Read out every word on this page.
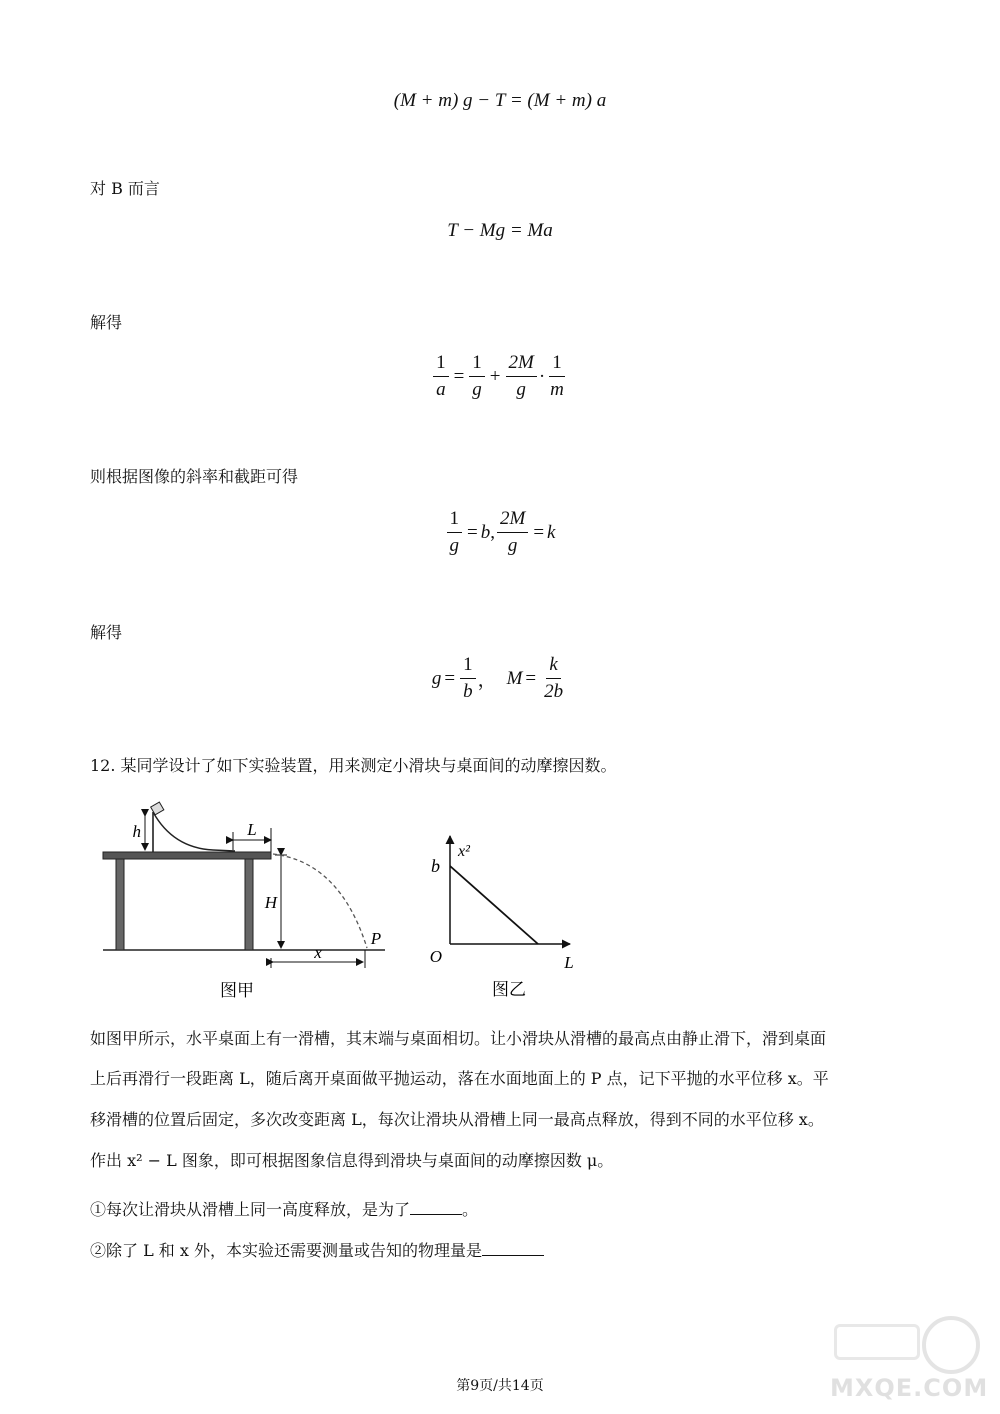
(M + m) g − T = (M + m) a
对 B 而言
T − Mg = Ma
解得
$\frac{1}{a} = \frac{1}{g} + \frac{2M}{g} \cdot \frac{1}{m}$
则根据图像的斜率和截距可得
$\frac{1}{g} = b$ , $\frac{2M}{g} = k$
解得
$g = \frac{1}{b}$ ， $M = \frac{k}{2b}$
12. 某同学设计了如下实验装置，用来测定小滑块与桌面间的动摩擦因数。
h	L
H
P
x
图甲
b
x²
O	L
图乙
如图甲所示，水平桌面上有一滑槽，其末端与桌面相切。让小滑块从滑槽的最高点由静止滑下，滑到桌面
上后再滑行一段距离 L，随后离开桌面做平抛运动，落在水面地面上的 P 点，记下平抛的水平位移 x。平
移滑槽的位置后固定，多次改变距离 L，每次让滑块从滑槽上同一最高点释放，得到不同的水平位移 x。
作出 x² − L 图象，即可根据图象信息得到滑块与桌面间的动摩擦因数 μ。
①每次让滑块从滑槽上同一高度释放，是为了	。
②除了 L 和 x 外，本实验还需要测量或告知的物理量是
MXQE.COM
第9页/共14页
